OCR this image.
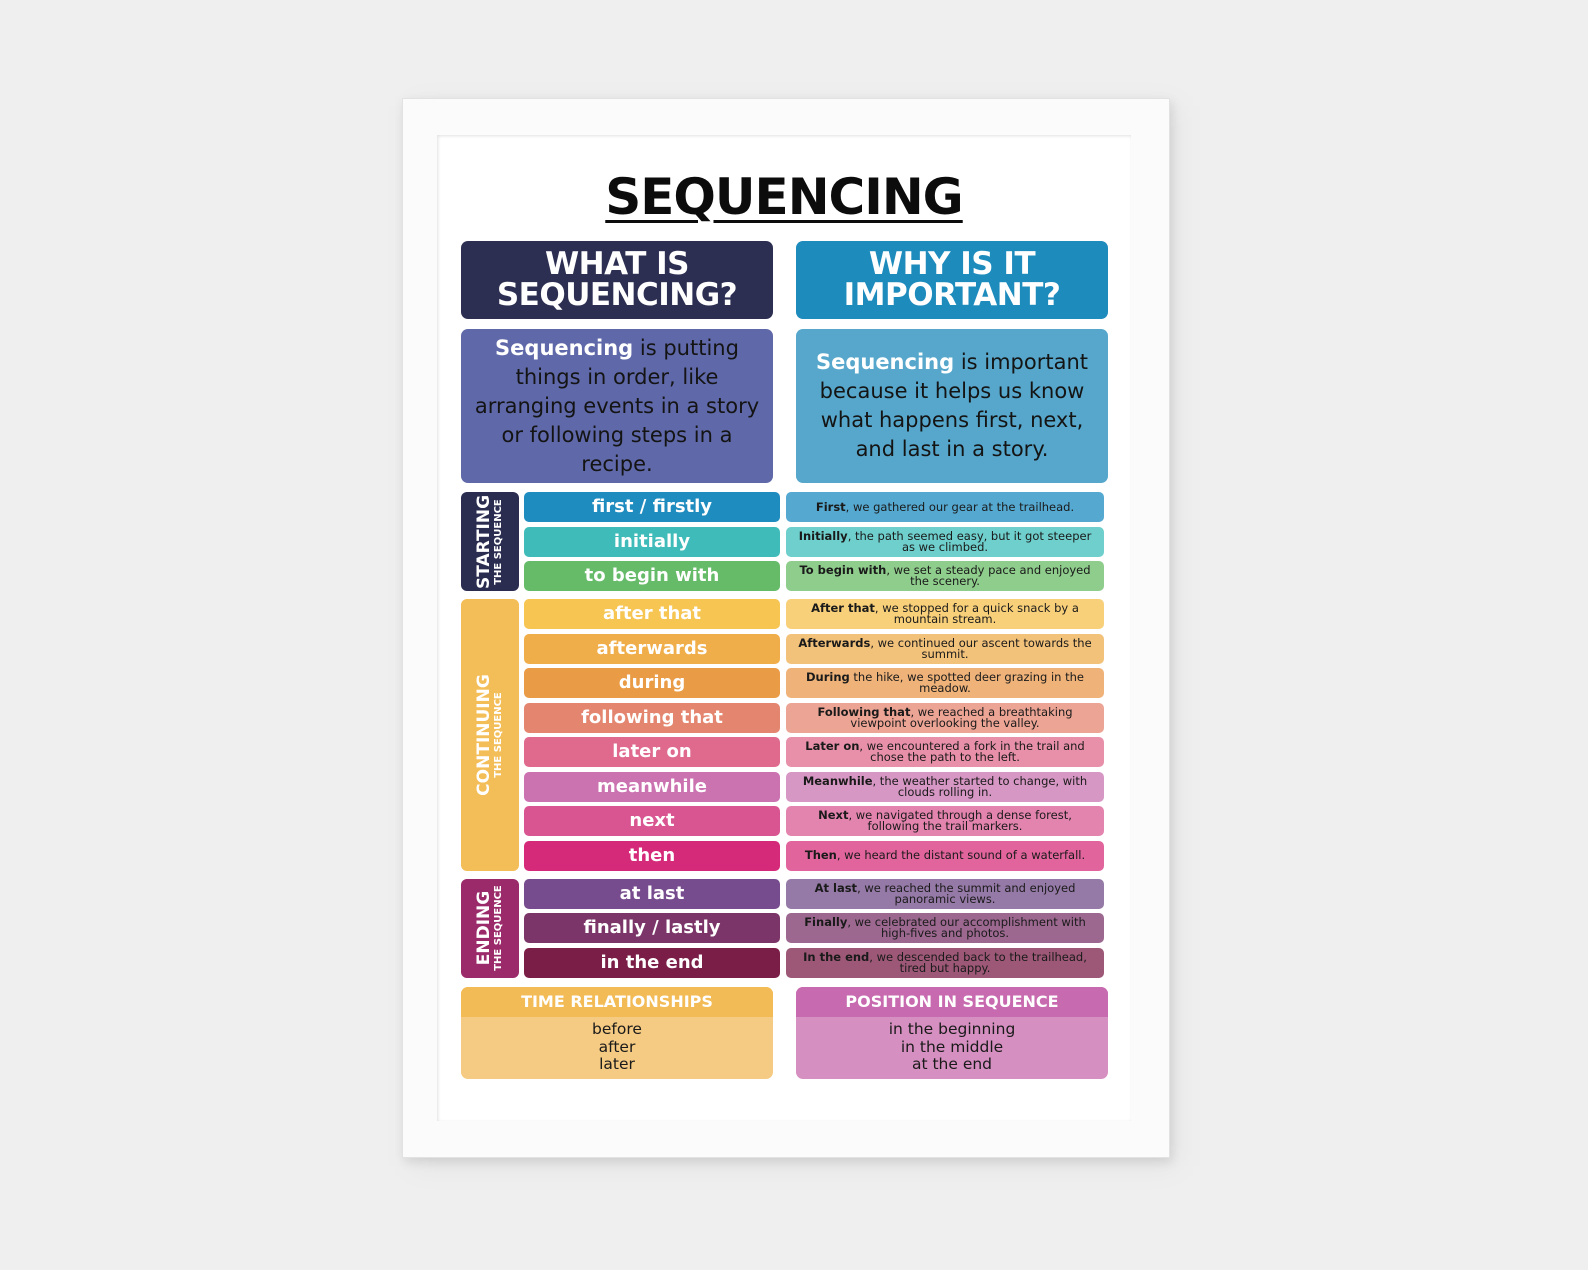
SEQUENCING
WHAT IS
SEQUENCING?
WHY IS IT
IMPORTANT?
Sequencing is putting things in order, like arranging events in a story or following steps in a recipe.
Sequencing is important because it helps us know what happens first, next, and last in a story.
STARTING THE SEQUENCE	first / firstly	First, we gathered our gear at the trailhead.
initially	Initially, the path seemed easy, but it got steeper as we climbed.
to begin with	To begin with, we set a steady pace and enjoyed the scenery.
CONTINUING THE SEQUENCE
after that	After that, we stopped for a quick snack by a mountain stream.
afterwards	Afterwards, we continued our ascent towards the summit.
during	During the hike, we spotted deer grazing in the meadow.
following that	Following that, we reached a breathtaking viewpoint overlooking the valley.
later on	Later on, we encountered a fork in the trail and chose the path to the left.
meanwhile	Meanwhile, the weather started to change, with clouds rolling in.
next	Next, we navigated through a dense forest, following the trail markers.
then	Then, we heard the distant sound of a waterfall.
ENDING THE SEQUENCE	at last	At last, we reached the summit and enjoyed panoramic views.
finally / lastly	Finally, we celebrated our accomplishment with high-fives and photos.
in the end	In the end, we descended back to the trailhead, tired but happy.
TIME RELATIONSHIPS
before
after
later
POSITION IN SEQUENCE
in the beginning
in the middle
at the end
